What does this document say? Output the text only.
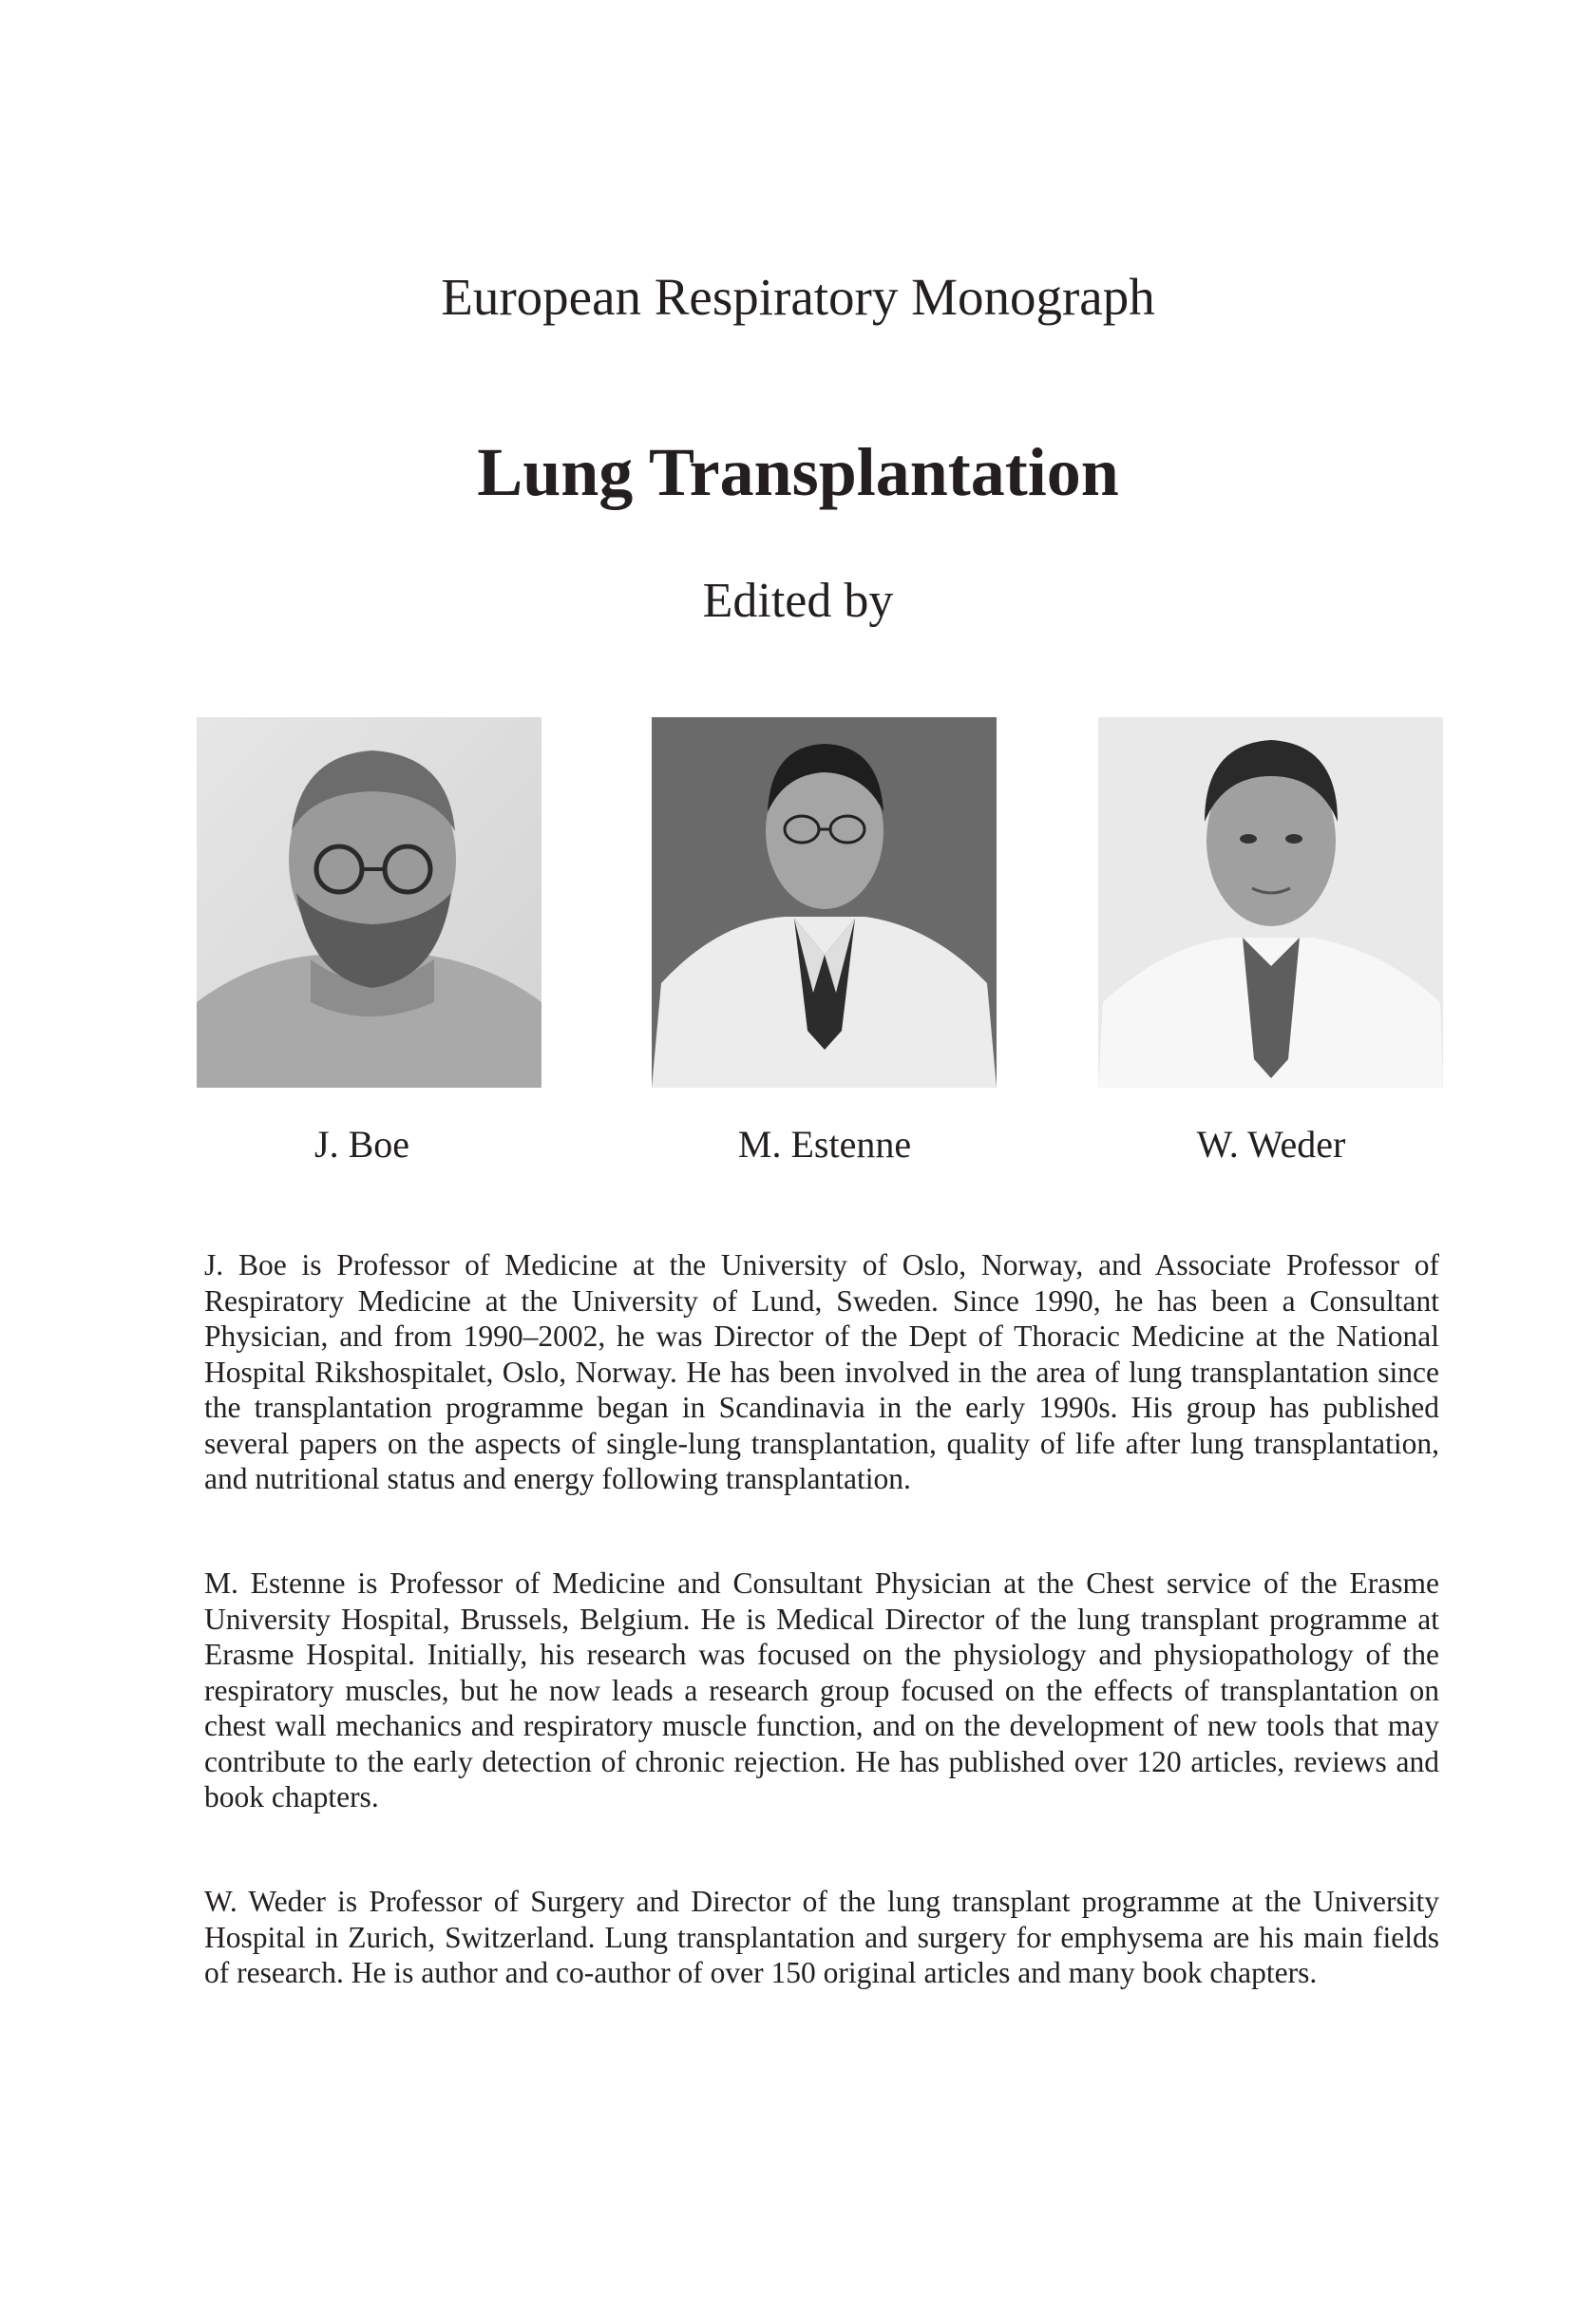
European Respiratory Monograph
Lung Transplantation
Edited by
J. Boe	M. Estenne	W. Weder

J. Boe is Professor of Medicine at the University of Oslo, Norway, and Associate Professor of Respiratory Medicine at the University of Lund, Sweden. Since 1990, he has been a Consultant Physician, and from 1990–2002, he was Director of the Dept of Thoracic Medicine at the National Hospital Rikshospitalet, Oslo, Norway. He has been involved in the area of lung transplantation since the transplantation programme began in Scandinavia in the early 1990s. His group has published several papers on the aspects of single-lung transplantation, quality of life after lung transplantation, and nutritional status and energy following transplantation.

M. Estenne is Professor of Medicine and Consultant Physician at the Chest service of the Erasme University Hospital, Brussels, Belgium. He is Medical Director of the lung transplant programme at Erasme Hospital. Initially, his research was focused on the physiology and physiopathology of the respiratory muscles, but he now leads a research group focused on the effects of transplantation on chest wall mechanics and respiratory muscle function, and on the development of new tools that may contribute to the early detection of chronic rejection. He has published over 120 articles, reviews and book chapters.

W. Weder is Professor of Surgery and Director of the lung transplant programme at the University Hospital in Zurich, Switzerland. Lung transplantation and surgery for emphysema are his main fields of research. He is author and co-author of over 150 original articles and many book chapters.
